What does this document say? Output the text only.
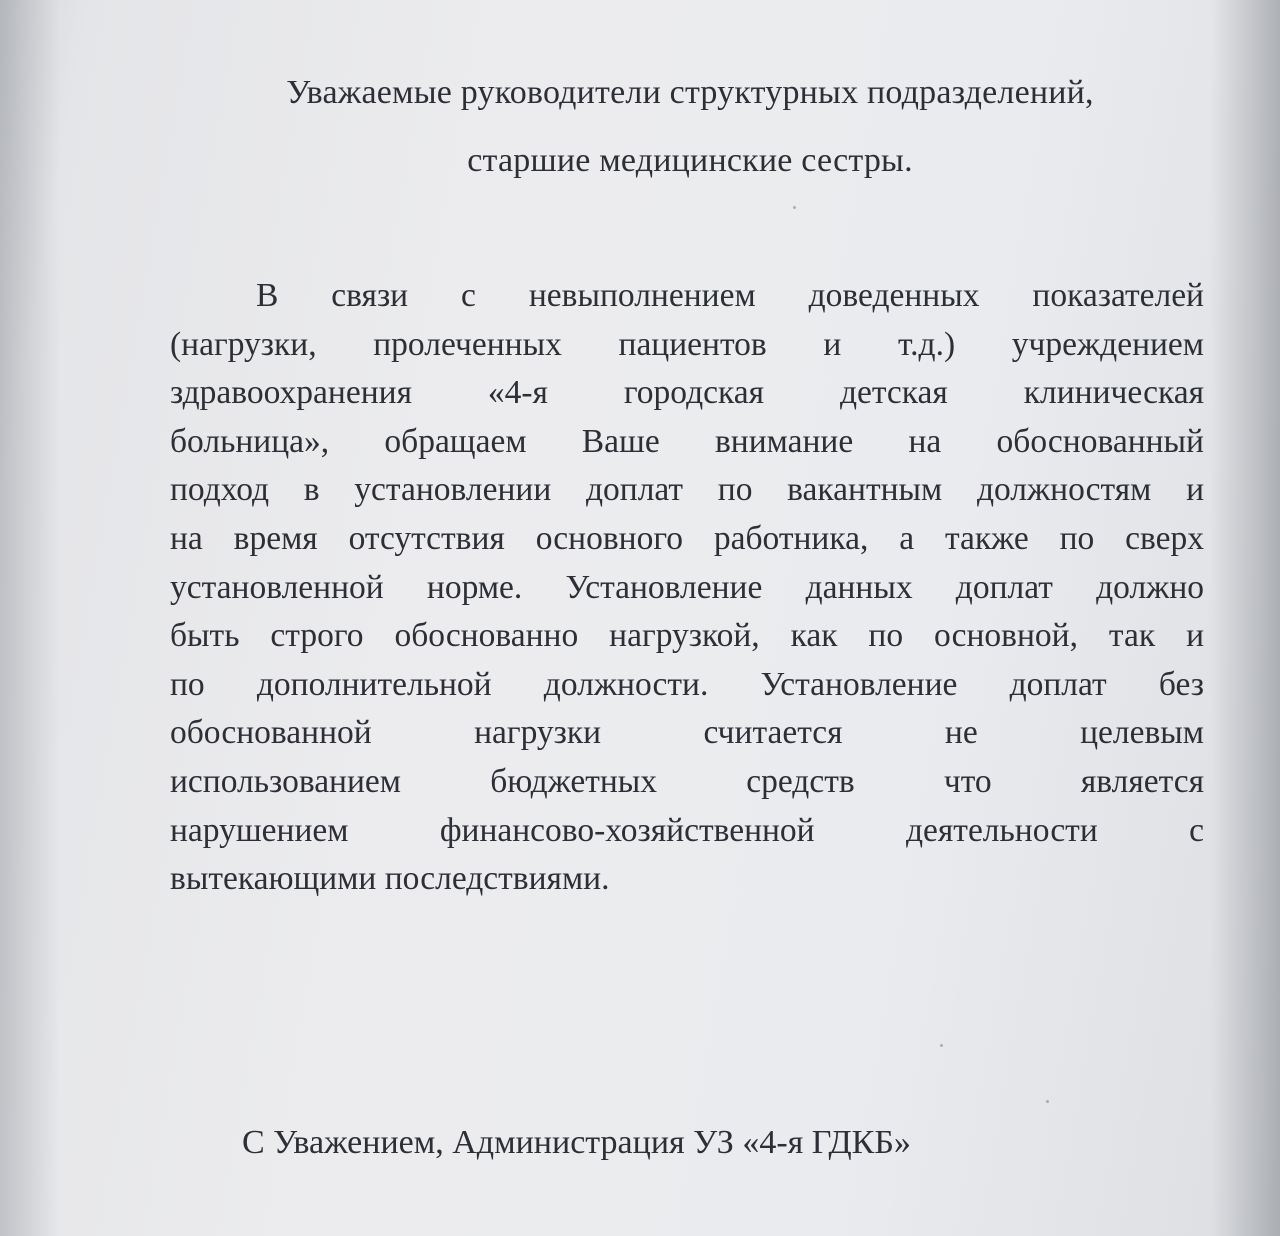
Уважаемые руководители структурных подразделений,
старшие медицинские сестры.
В связи с невыполнением доведенных показателей
(нагрузки, пролеченных пациентов и т.д.) учреждением
здравоохранения «4-я городская детская клиническая
больница», обращаем Ваше внимание на обоснованный
подход в установлении доплат по вакантным должностям и
на время отсутствия основного работника, а также по сверх
установленной норме. Установление данных доплат должно
быть строго обоснованно нагрузкой, как по основной, так и
по дополнительной должности. Установление доплат без
обоснованной нагрузки считается не целевым
использованием бюджетных средств что является
нарушением финансово-хозяйственной деятельности с
вытекающими последствиями.
С Уважением, Администрация УЗ «4-я ГДКБ»
